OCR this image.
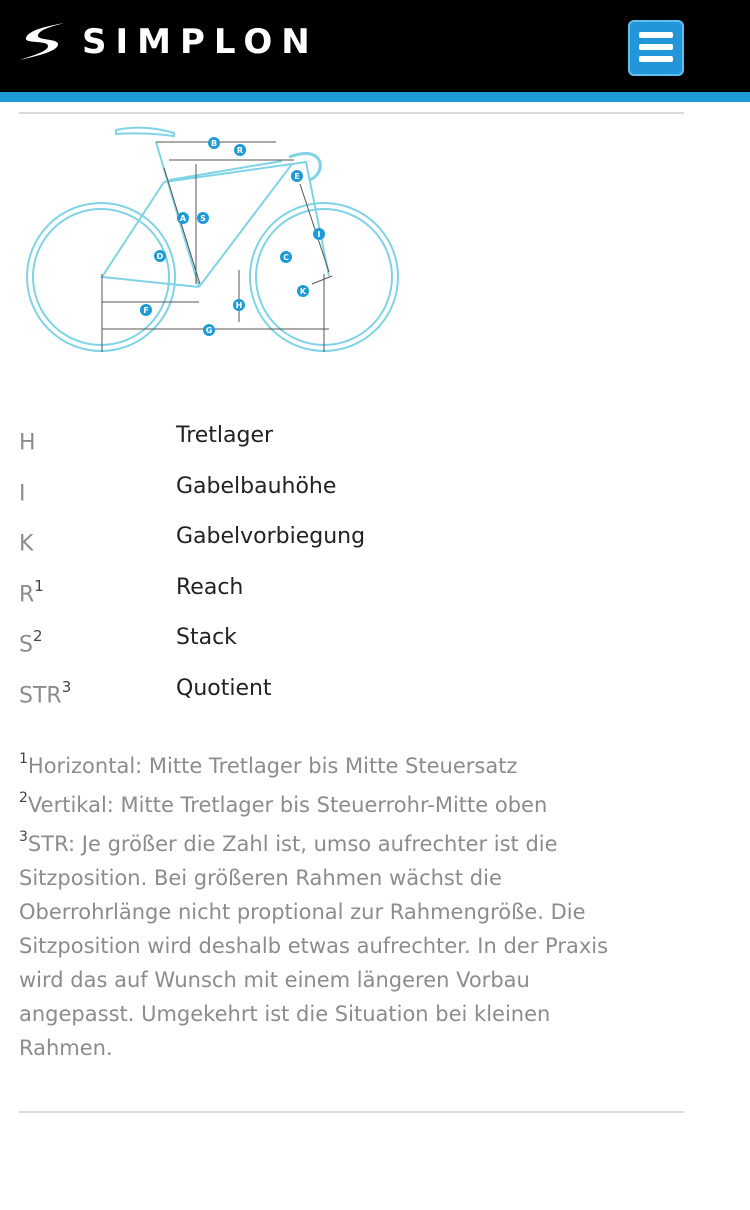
SIMPLON
B
R
E
A S
I
D	C
K
H
F
G
H	Tretlager
I	Gabelbauhöhe
K	Gabelvorbiegung
$R^1$	Reach
$S^2$	Stack
STR$^3$	Quotient
$^1$Horizontal: Mitte Tretlager bis Mitte Steuersatz
$^2$Vertikal: Mitte Tretlager bis Steuerrohr-Mitte oben
$^3$STR: Je größer die Zahl ist, umso aufrechter ist die
Sitzposition. Bei größeren Rahmen wächst die
Oberrohrlänge nicht proptional zur Rahmengröße. Die
Sitzposition wird deshalb etwas aufrechter. In der Praxis
wird das auf Wunsch mit einem längeren Vorbau
angepasst. Umgekehrt ist die Situation bei kleinen
Rahmen.
